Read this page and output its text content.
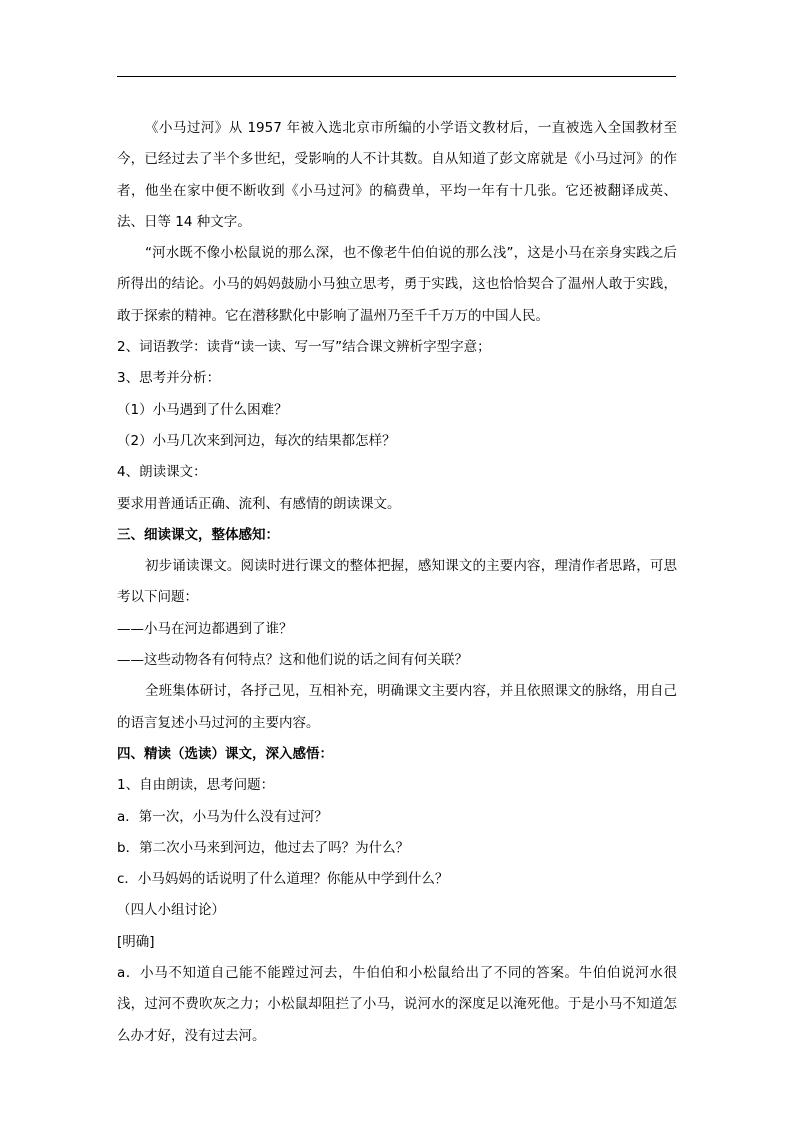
《小马过河》从 1957 年被入选北京市所编的小学语文教材后，一直被选入全国教材至今，已经过去了半个多世纪，受影响的人不计其数。自从知道了彭文席就是《小马过河》的作者，他坐在家中便不断收到《小马过河》的稿费单，平均一年有十几张。它还被翻译成英、法、日等 14 种文字。

“河水既不像小松鼠说的那么深，也不像老牛伯伯说的那么浅”，这是小马在亲身实践之后所得出的结论。小马的妈妈鼓励小马独立思考，勇于实践，这也恰恰契合了温州人敢于实践，敢于探索的精神。它在潜移默化中影响了温州乃至千千万万的中国人民。

2、词语教学：读背“读一读、写一写”结合课文辨析字型字意；

3、思考并分析：

（1）小马遇到了什么困难？

（2）小马几次来到河边，每次的结果都怎样？

4、朗读课文：

要求用普通话正确、流利、有感情的朗读课文。

三、细读课文，整体感知：

初步诵读课文。阅读时进行课文的整体把握，感知课文的主要内容，理清作者思路，可思考以下问题：

——小马在河边都遇到了谁？

——这些动物各有何特点？这和他们说的话之间有何关联？

全班集体研讨，各抒己见，互相补充，明确课文主要内容，并且依照课文的脉络，用自己的语言复述小马过河的主要内容。

四、精读（选读）课文，深入感悟：

1、自由朗读，思考问题：

a．第一次，小马为什么没有过河？

b．第二次小马来到河边，他过去了吗？为什么？

c．小马妈妈的话说明了什么道理？你能从中学到什么？

（四人小组讨论）

[明确]

a．小马不知道自己能不能蹚过河去，牛伯伯和小松鼠给出了不同的答案。牛伯伯说河水很浅，过河不费吹灰之力；小松鼠却阻拦了小马，说河水的深度足以淹死他。于是小马不知道怎么办才好，没有过去河。
